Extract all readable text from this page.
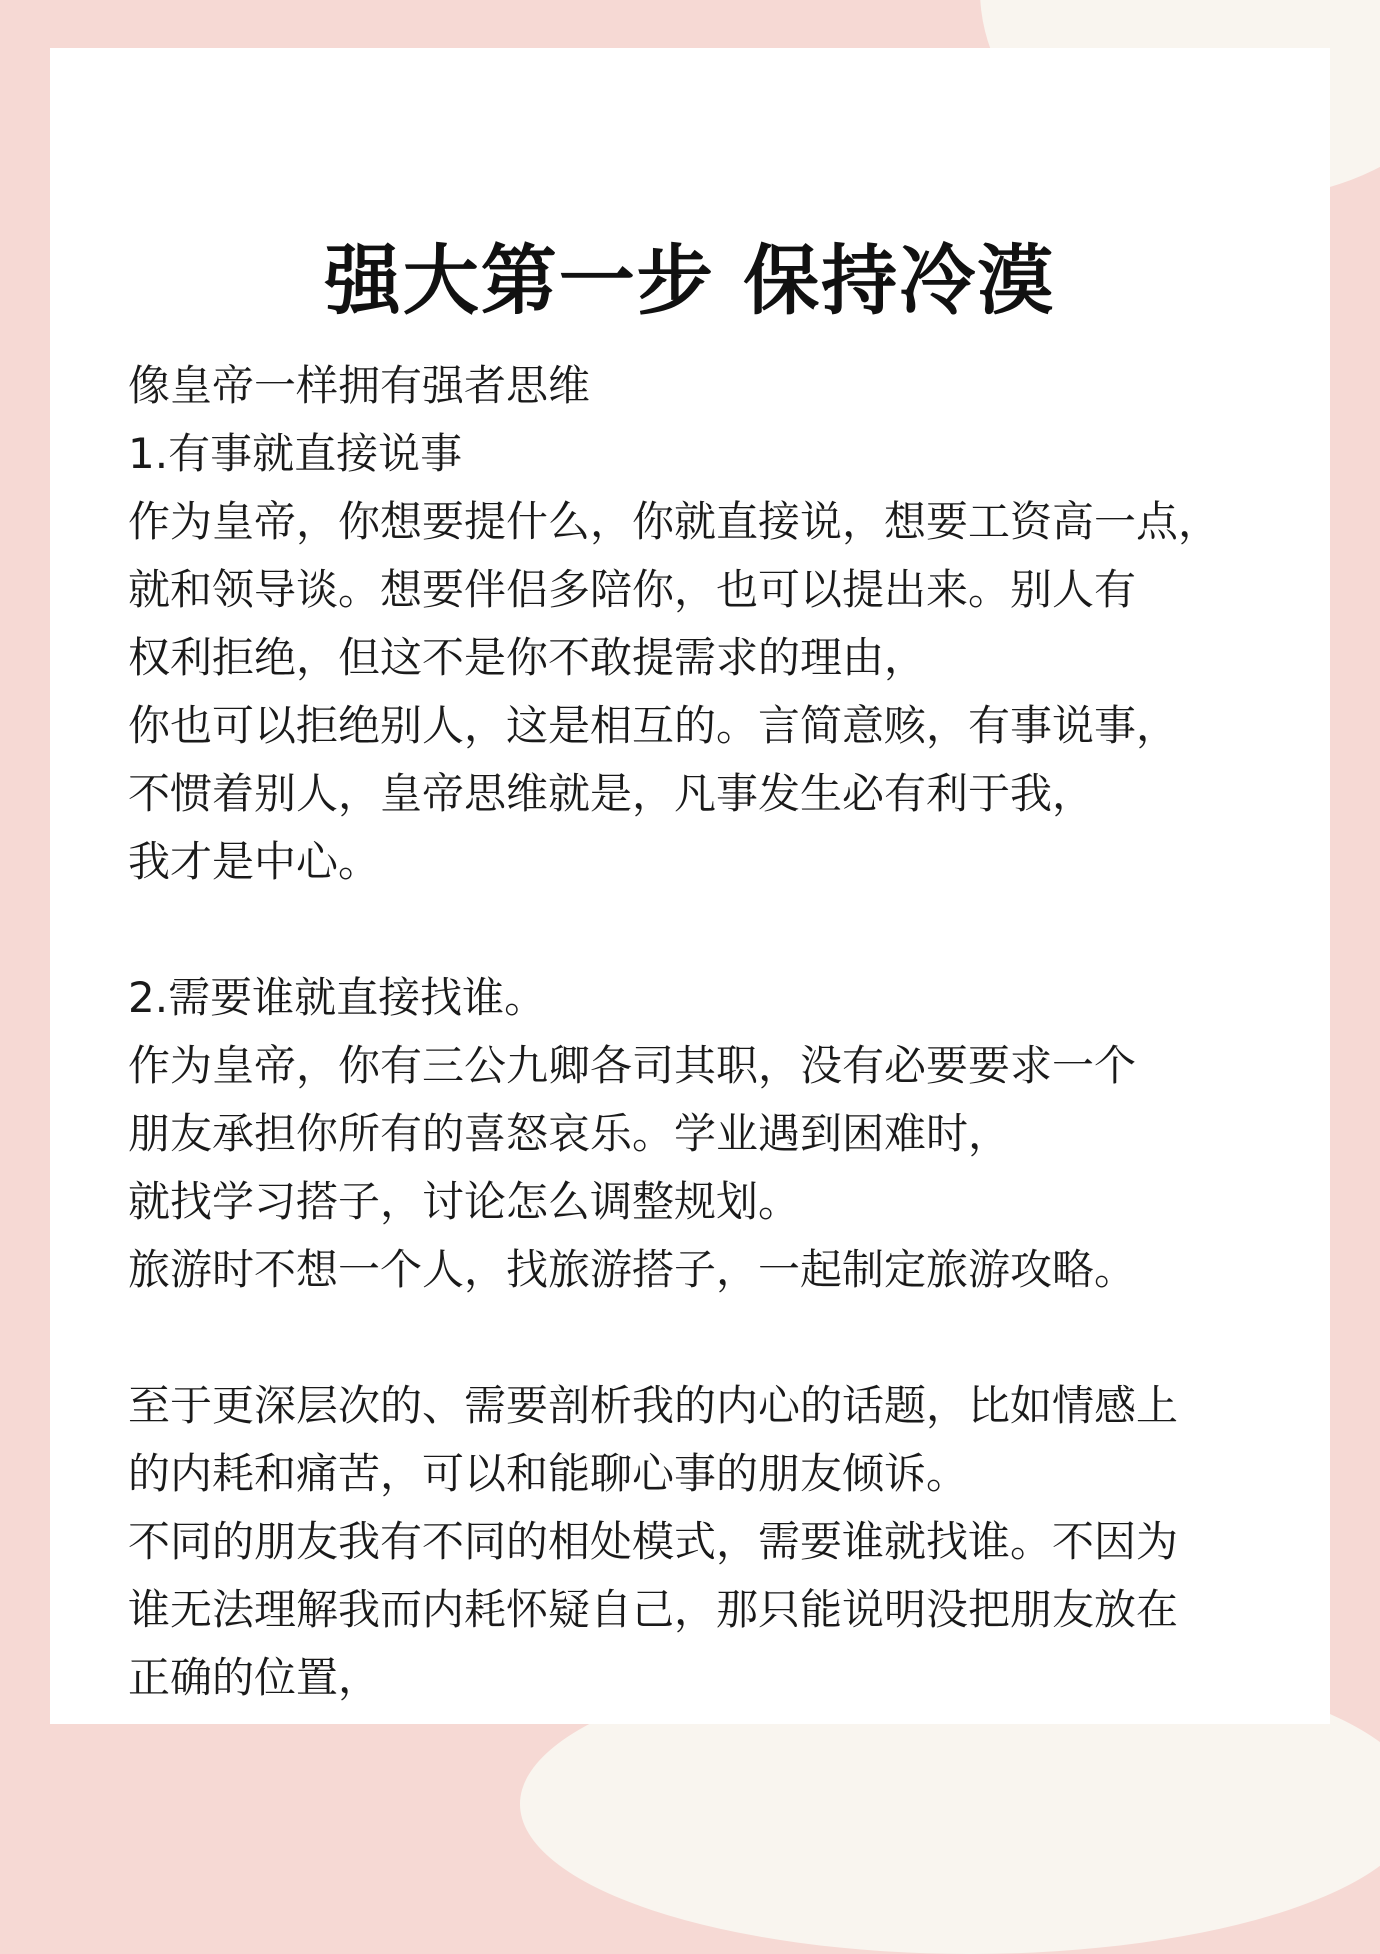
强大第一步 保持冷漠
像皇帝一样拥有强者思维
1.有事就直接说事
作为皇帝，你想要提什么，你就直接说，想要工资高一点，
就和领导谈。想要伴侣多陪你，也可以提出来。别人有
权利拒绝，但这不是你不敢提需求的理由，
你也可以拒绝别人，这是相互的。言简意赅，有事说事，
不惯着别人，皇帝思维就是，凡事发生必有利于我，
我才是中心。
2.需要谁就直接找谁。
作为皇帝，你有三公九卿各司其职，没有必要要求一个
朋友承担你所有的喜怒哀乐。学业遇到困难时，
就找学习搭子，讨论怎么调整规划。
旅游时不想一个人，找旅游搭子，一起制定旅游攻略。
至于更深层次的、需要剖析我的内心的话题，比如情感上
的内耗和痛苦，可以和能聊心事的朋友倾诉。
不同的朋友我有不同的相处模式，需要谁就找谁。不因为
谁无法理解我而内耗怀疑自己，那只能说明没把朋友放在
正确的位置，
